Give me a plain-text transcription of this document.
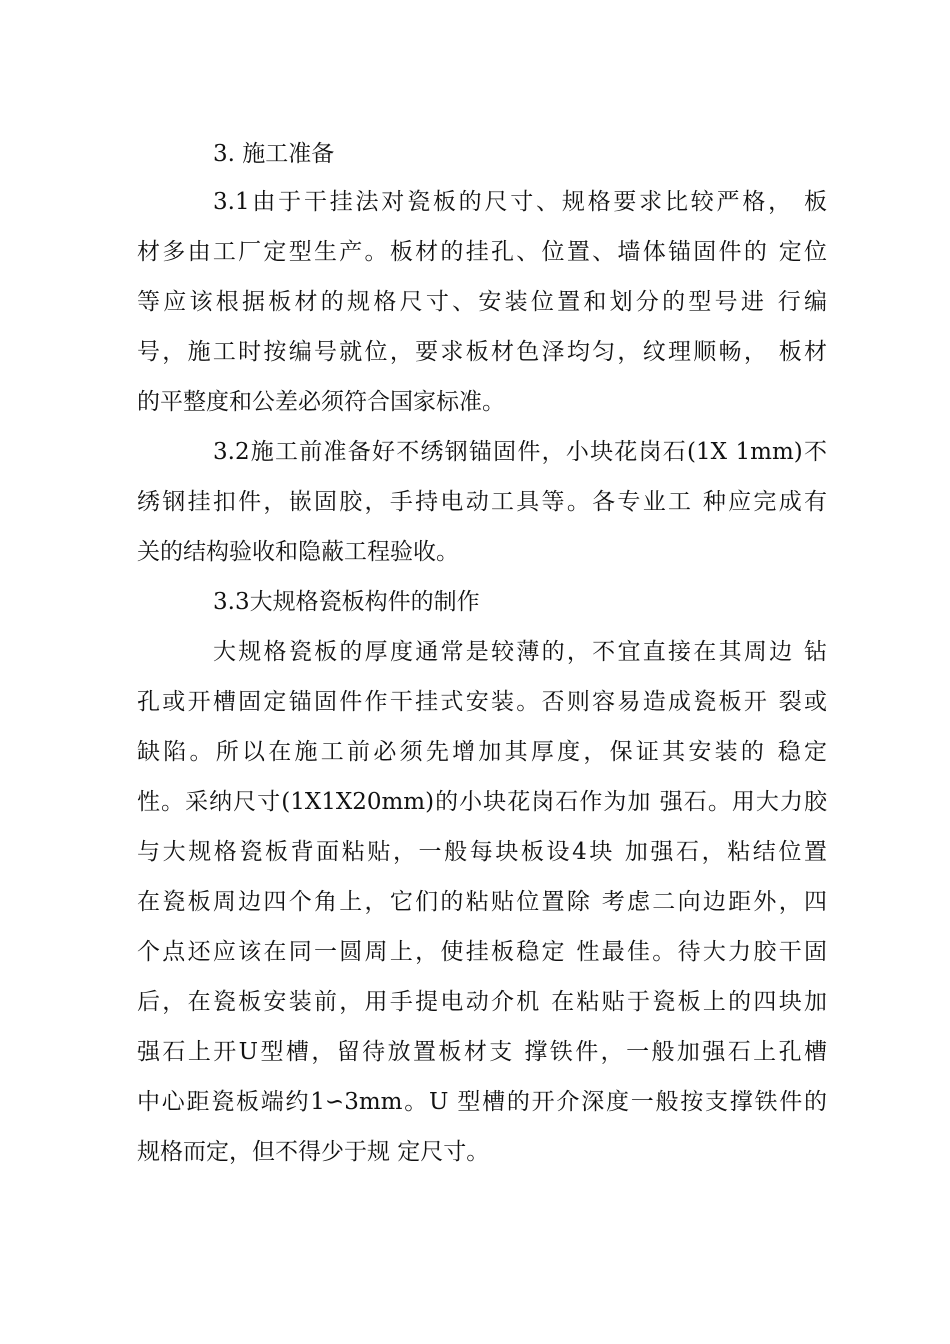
3. 施工准备
3.1由于干挂法对瓷板的尺寸、规格要求比较严格， 板
材多由工厂定型生产。板材的挂孔、位置、墙体锚固件的 定位
等应该根据板材的规格尺寸、安装位置和划分的型号进 行编
号，施工时按编号就位，要求板材色泽均匀，纹理顺畅， 板材
的平整度和公差必须符合国家标准。
3.2施工前准备好不绣钢锚固件，小块花岗石(1X 1mm)不
绣钢挂扣件，嵌固胶，手持电动工具等。各专业工 种应完成有
关的结构验收和隐蔽工程验收。
3.3大规格瓷板构件的制作
大规格瓷板的厚度通常是较薄的，不宜直接在其周边 钻
孔或开槽固定锚固件作干挂式安装。否则容易造成瓷板开 裂或
缺陷。所以在施工前必须先增加其厚度，保证其安装的 稳定
性。采纳尺寸(1X1X20mm)的小块花岗石作为加 强石。用大力胶
与大规格瓷板背面粘贴，一般每块板设4块 加强石，粘结位置
在瓷板周边四个角上，它们的粘贴位置除 考虑二向边距外，四
个点还应该在同一圆周上，使挂板稳定 性最佳。待大力胶干固
后，在瓷板安装前，用手提电动介机 在粘贴于瓷板上的四块加
强石上开U型槽，留待放置板材支 撑铁件，一般加强石上孔槽
中心距瓷板端约1∽3mm。U 型槽的开介深度一般按支撑铁件的
规格而定，但不得少于规 定尺寸。
